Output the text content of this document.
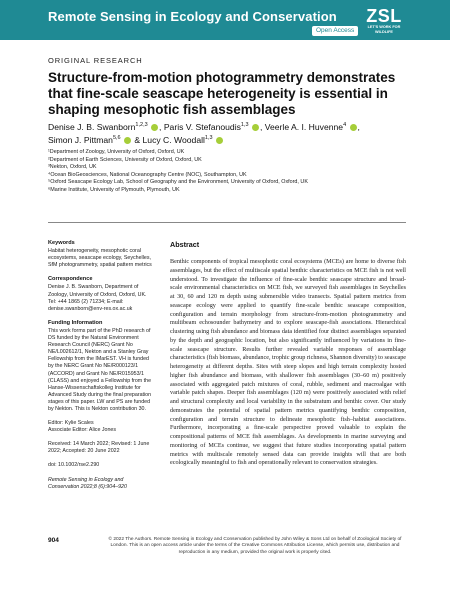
Remote Sensing in Ecology and Conservation
Open Access
ZSL
LET'S WORK FOR WILDLIFE
ORIGINAL RESEARCH
Structure-from-motion photogrammetry demonstrates that fine-scale seascape heterogeneity is essential in shaping mesophotic fish assemblages
Denise J. B. Swanborn$^{1,2,3}$ , Paris V. Stefanoudis$^{1,3}$ , Veerle A. I. Huvenne$^4$ ,
Simon J. Pittman$^{5,6}$  & Lucy C. Woodall$^{1,3}$
¹Department of Zoology, University of Oxford, Oxford, UK
²Department of Earth Sciences, University of Oxford, Oxford, UK
³Nekton, Oxford, UK
⁴Ocean BioGeosciences, National Oceanography Centre (NOC), Southampton, UK
⁵Oxford Seascape Ecology Lab, School of Geography and the Environment, University of Oxford, Oxford, UK
⁶Marine Institute, University of Plymouth, Plymouth, UK
Keywords

Habitat heterogeneity, mesophotic coral ecosystems, seascape ecology, Seychelles, SfM photogrammetry, spatial pattern metrics

Correspondence

Denise J. B. Swanborn, Department of Zoology, University of Oxford, Oxford, UK. Tel: +44 1865 (2) 71234; E-mail: denise.swanborn@env-res.ox.ac.uk

Funding Information

This work forms part of the PhD research of DS funded by the Natural Environment Research Council (NERC) Grant No NE/L002612/1, Nekton and a Stanley Gray Fellowship from the IMarEST. VH is funded by the NERC Grant No NE/R000123/1 (ACCORD) and Grant No NE/R015953/1 (CLASS) and enjoyed a Fellowship from the Hanse-Wissenschaftskolleg Institute for Advanced Study during the final preparation stages of this paper. LW and PS are funded by Nekton. This is Nekton contribution 30.

Editor: Kylie Scales

Associate Editor: Alice Jones

Received: 14 March 2022; Revised: 1 June 2022; Accepted: 20 June 2022

doi: 10.1002/rse2.290

Remote Sensing in Ecology and Conservation 2022;8 (6):904–920

Abstract

Benthic components of tropical mesophotic coral ecosystems (MCEs) are home to diverse fish assemblages, but the effect of multiscale spatial benthic characteristics on MCE fish is not well understood. To investigate the influence of fine-scale benthic seascape structure and broad-scale environmental characteristics on MCE fish, we surveyed fish assemblages in Seychelles at 30, 60 and 120 m depth using submersible video transects. Spatial pattern metrics from seascape ecology were applied to quantify fine-scale benthic seascape composition, configuration and terrain morphology from structure-from-motion photogrammetry and multibeam echosounder bathymetry and to explore seascape-fish associations. Hierarchical clustering using fish abundance and biomass data identified four distinct assemblages separated by the depth and geographic location, but also significantly influenced by variations in fine-scale seascape structure. Results further revealed variable responses of assemblage characteristics (fish biomass, abundance, trophic group richness, Shannon diversity) to seascape heterogeneity at different depths. Sites with steep slopes and high terrain complexity hosted higher fish abundance and biomass, with shallower fish assemblages (30–60 m) positively associated with aggregated patch mixtures of coral, rubble, sediment and macroalgae with variable patch shapes. Deeper fish assemblages (120 m) were positively associated with relief and structural complexity and local variability in the substratum and benthic cover. Our study demonstrates the potential of spatial pattern metrics quantifying benthic composition, configuration and terrain structure to delineate mesophotic fish–habitat associations. Furthermore, incorporating a fine-scale perspective proved valuable to explain the compositional patterns of MCE fish assemblages. As developments in marine surveying and monitoring of MCEs continue, we suggest that future studies incorporating spatial pattern metrics with multiscale remotely sensed data can provide insights will that are both ecologically meaningful to fish and operationally relevant to conservation strategies.

904	© 2022 The Authors. Remote Sensing in Ecology and Conservation published by John Wiley & Sons Ltd on behalf of Zoological Society of London. This is an open access article under the terms of the Creative Commons Attribution License, which permits use, distribution and reproduction in any medium, provided the original work is properly cited.
